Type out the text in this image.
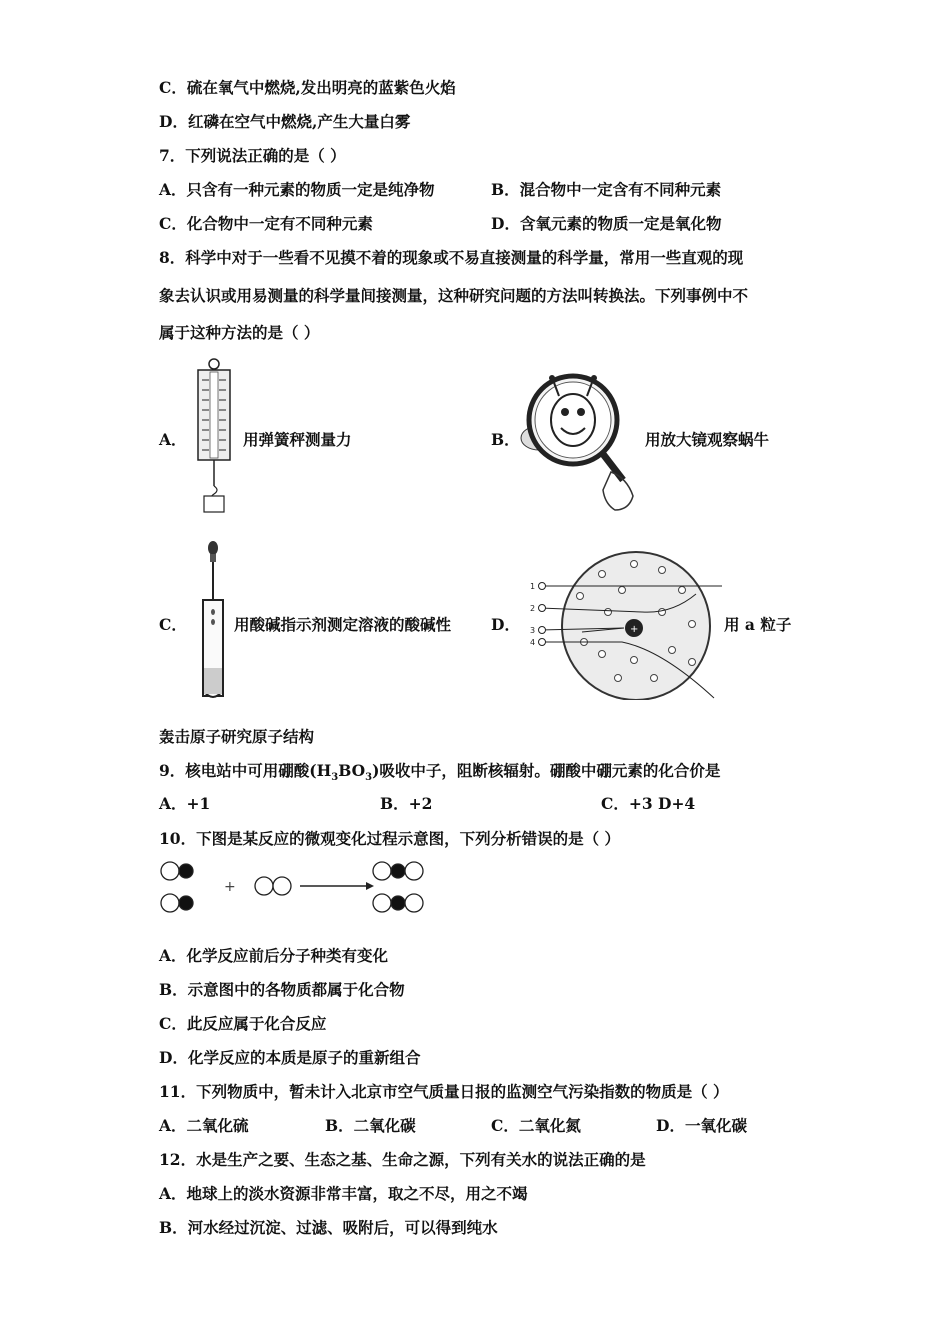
C．硫在氧气中燃烧,发出明亮的蓝紫色火焰
D．红磷在空气中燃烧,产生大量白雾
7．下列说法正确的是（ ）
A．只含有一种元素的物质一定是纯净物	B．混合物中一定含有不同种元素
C．化合物中一定有不同种元素	D．含氧元素的物质一定是氧化物
8．科学中对于一些看不见摸不着的现象或不易直接测量的科学量，常用一些直观的现
象去认识或用易测量的科学量间接测量，这种研究问题的方法叫转换法。下列事例中不
属于这种方法的是（ ）
A．	用弹簧秤测量力	B．	用放大镜观察蜗牛
C．	用酸碱指示剂测定溶液的酸碱性	D．	+
1
2
3
4
用 a 粒子
轰击原子研究原子结构
9．核电站中可用硼酸$(H_3BO_3)$吸收中子，阻断核辐射。硼酸中硼元素的化合价是
A．+1	B．+2	C．+3 D+4
10．下图是某反应的微观变化过程示意图，下列分析错误的是（ ）
+
A．化学反应前后分子种类有变化
B．示意图中的各物质都属于化合物
C．此反应属于化合反应
D．化学反应的本质是原子的重新组合
11．下列物质中，暂未计入北京市空气质量日报的监测空气污染指数的物质是（ ）
A．二氧化硫	B．二氧化碳	C．二氧化氮	D．一氧化碳
12．水是生产之要、生态之基、生命之源，下列有关水的说法正确的是
A．地球上的淡水资源非常丰富，取之不尽，用之不竭
B．河水经过沉淀、过滤、吸附后，可以得到纯水
